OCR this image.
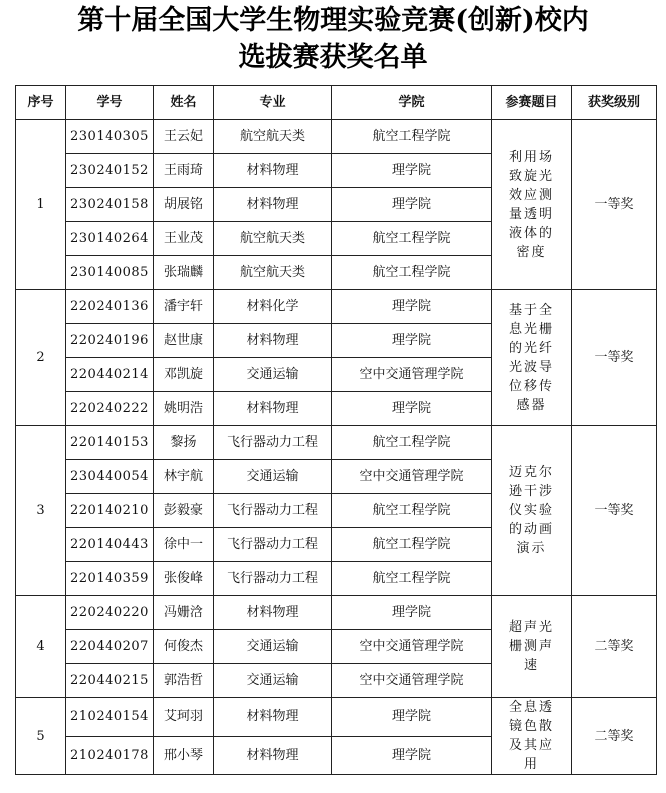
第十届全国大学生物理实验竞赛(创新)校内
选拔赛获奖名单
序号	学号	姓名	专业	学院	参赛题目	获奖级别
1	230140305	王云妃	航空航天类	航空工程学院	利用场致旋光效应测量透明液体的密度	一等奖
	230240152	王雨琦	材料物理	理学院		
	230240158	胡展铭	材料物理	理学院		
	230140264	王业茂	航空航天类	航空工程学院		
	230140085	张瑞麟	航空航天类	航空工程学院		
2	220240136	潘宇轩	材料化学	理学院	基于全息光栅的光纤光波导位移传感器	一等奖
	220240196	赵世康	材料物理	理学院		
	220440214	邓凯旋	交通运输	空中交通管理学院		
	220240222	姚明浩	材料物理	理学院		
3	220140153	黎扬	飞行器动力工程	航空工程学院	迈克尔逊干涉仪实验的动画演示	一等奖
	230440054	林宇航	交通运输	空中交通管理学院		
	220140210	彭毅豪	飞行器动力工程	航空工程学院		
	220140443	徐中一	飞行器动力工程	航空工程学院		
	220140359	张俊峰	飞行器动力工程	航空工程学院		
4	220240220	冯姗浛	材料物理	理学院	超声光栅测声速	二等奖
	220440207	何俊杰	交通运输	空中交通管理学院		
	220440215	郭浩哲	交通运输	空中交通管理学院		
5	210240154	艾珂羽	材料物理	理学院	全息透镜色散及其应用	二等奖
	210240178	邢小琴	材料物理	理学院		
